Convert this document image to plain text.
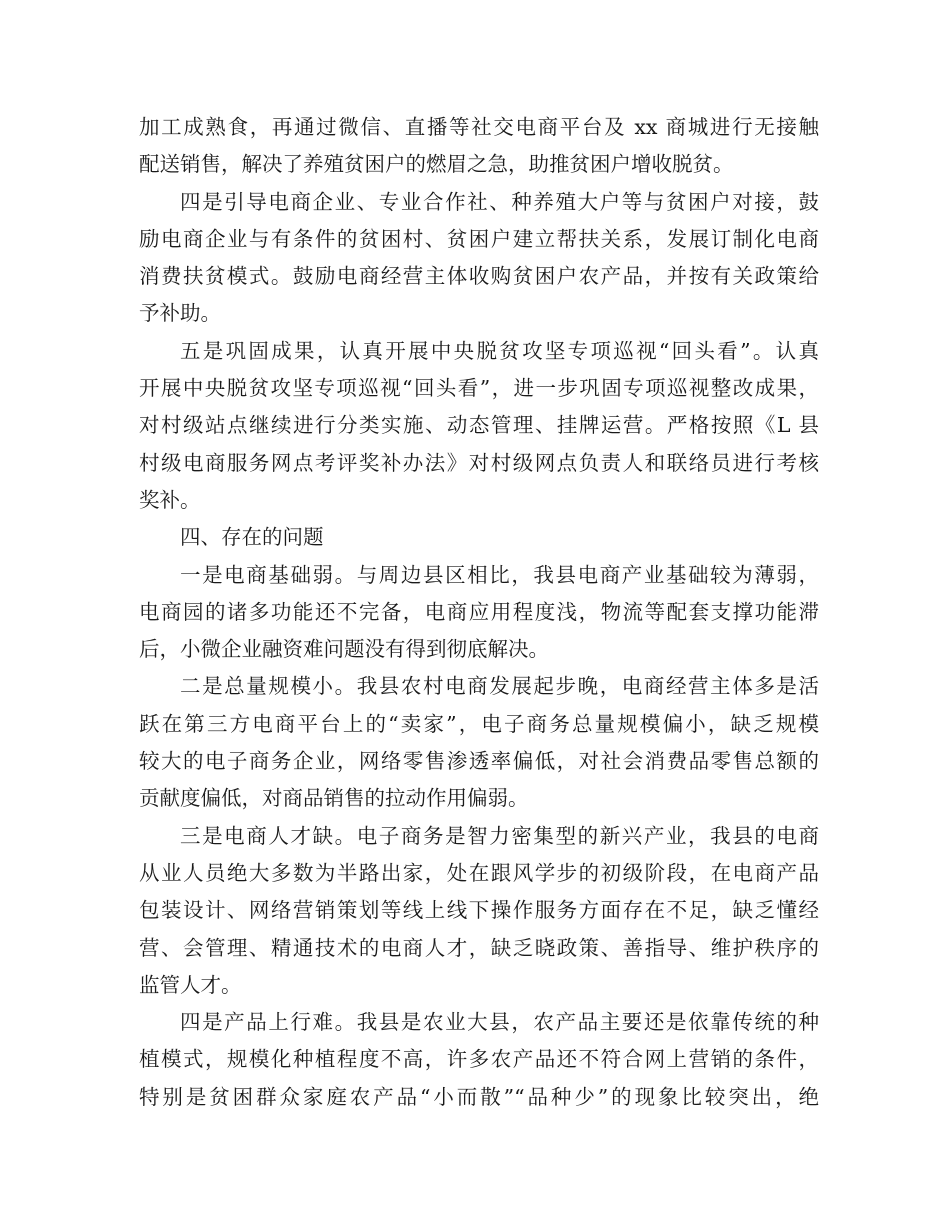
加工成熟食，再通过微信、直播等社交电商平台及 xx 商城进行无接触
配送销售，解决了养殖贫困户的燃眉之急，助推贫困户增收脱贫。
四是引导电商企业、专业合作社、种养殖大户等与贫困户对接，鼓
励电商企业与有条件的贫困村、贫困户建立帮扶关系，发展订制化电商
消费扶贫模式。鼓励电商经营主体收购贫困户农产品，并按有关政策给
予补助。
五是巩固成果，认真开展中央脱贫攻坚专项巡视“回头看”。认真
开展中央脱贫攻坚专项巡视“回头看”，进一步巩固专项巡视整改成果，
对村级站点继续进行分类实施、动态管理、挂牌运营。严格按照《L 县
村级电商服务网点考评奖补办法》对村级网点负责人和联络员进行考核
奖补。
四、存在的问题
一是电商基础弱。与周边县区相比，我县电商产业基础较为薄弱，
电商园的诸多功能还不完备，电商应用程度浅，物流等配套支撑功能滞
后，小微企业融资难问题没有得到彻底解决。
二是总量规模小。我县农村电商发展起步晚，电商经营主体多是活
跃在第三方电商平台上的“卖家”，电子商务总量规模偏小，缺乏规模
较大的电子商务企业，网络零售渗透率偏低，对社会消费品零售总额的
贡献度偏低，对商品销售的拉动作用偏弱。
三是电商人才缺。电子商务是智力密集型的新兴产业，我县的电商
从业人员绝大多数为半路出家，处在跟风学步的初级阶段，在电商产品
包装设计、网络营销策划等线上线下操作服务方面存在不足，缺乏懂经
营、会管理、精通技术的电商人才，缺乏晓政策、善指导、维护秩序的
监管人才。
四是产品上行难。我县是农业大县，农产品主要还是依靠传统的种
植模式，规模化种植程度不高，许多农产品还不符合网上营销的条件，
特别是贫困群众家庭农产品“小而散”“品种少”的现象比较突出，绝
